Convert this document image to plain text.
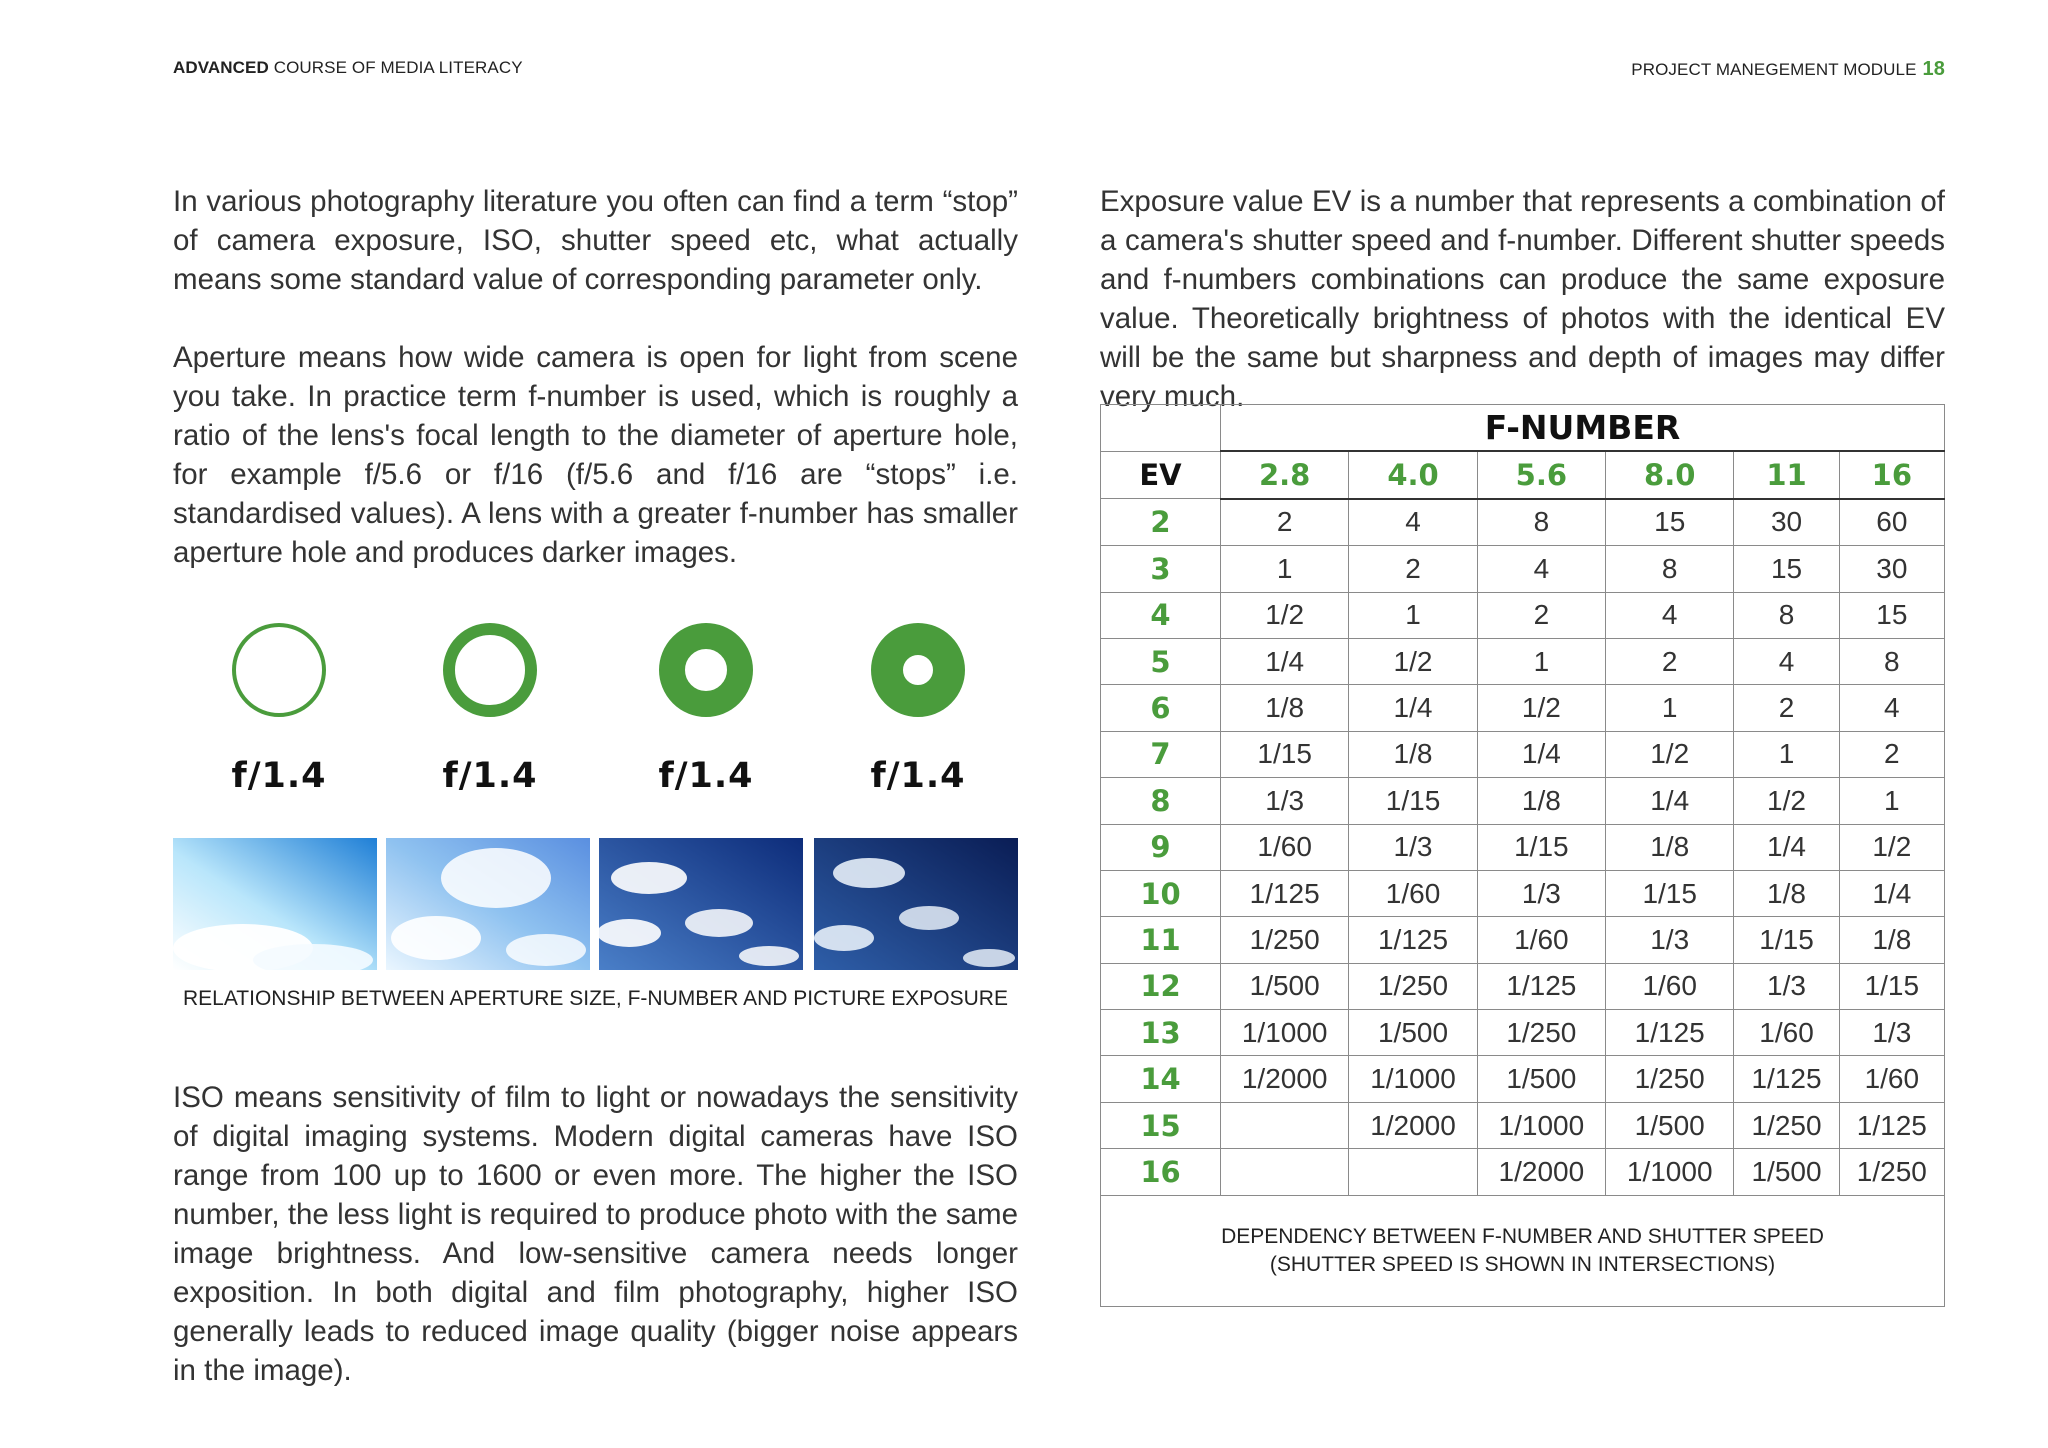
ADVANCED COURSE OF MEDIA LITERACY	PROJECT MANEGEMENT MODULE 18
In various photography literature you often can find a term “stop” of camera exposure, ISO, shutter speed etc, what actually means some standard value of corresponding parameter only.
Aperture means how wide camera is open for light from scene you take. In practice term f-number is used, which is roughly a ratio of the lens's focal length to the diameter of aperture hole, for example f/5.6 or f/16 (f/5.6 and f/16 are “stops” i.e. standardised values). A lens with a greater f-number has smaller aperture hole and produces darker images.
f/1.4	f/1.4	f/1.4	f/1.4
RELATIONSHIP BETWEEN APERTURE SIZE, F-NUMBER AND PICTURE EXPOSURE
ISO means sensitivity of film to light or nowadays the sensitivity of digital imaging systems. Modern digital cameras have ISO range from 100 up to 1600 or even more. The higher the ISO number, the less light is required to produce photo with the same image brightness. And low-sensitive camera needs longer exposition. In both digital and film photography, higher ISO generally leads to reduced image quality (bigger noise appears in the image).
Exposure value EV is a number that represents a combination of a camera's shutter speed and f-number. Different shutter speeds and f-numbers combinations can produce the same exposure value. Theoretically brightness of photos with the identical EV will be the same but sharpness and depth of images may differ very much.
	F-NUMBER					
EV	2.8	4.0	5.6	8.0	11	16
2	2	4	8	15	30	60
3	1	2	4	8	15	30
4	1/2	1	2	4	8	15
5	1/4	1/2	1	2	4	8
6	1/8	1/4	1/2	1	2	4
7	1/15	1/8	1/4	1/2	1	2
8	1/3	1/15	1/8	1/4	1/2	1
9	1/60	1/3	1/15	1/8	1/4	1/2
10	1/125	1/60	1/3	1/15	1/8	1/4
11	1/250	1/125	1/60	1/3	1/15	1/8
12	1/500	1/250	1/125	1/60	1/3	1/15
13	1/1000	1/500	1/250	1/125	1/60	1/3
14	1/2000	1/1000	1/500	1/250	1/125	1/60
15		1/2000	1/1000	1/500	1/250	1/125
16			1/2000	1/1000	1/500	1/250

DEPENDENCY BETWEEN F-NUMBER AND SHUTTER SPEED
(SHUTTER SPEED IS SHOWN IN INTERSECTIONS)						
